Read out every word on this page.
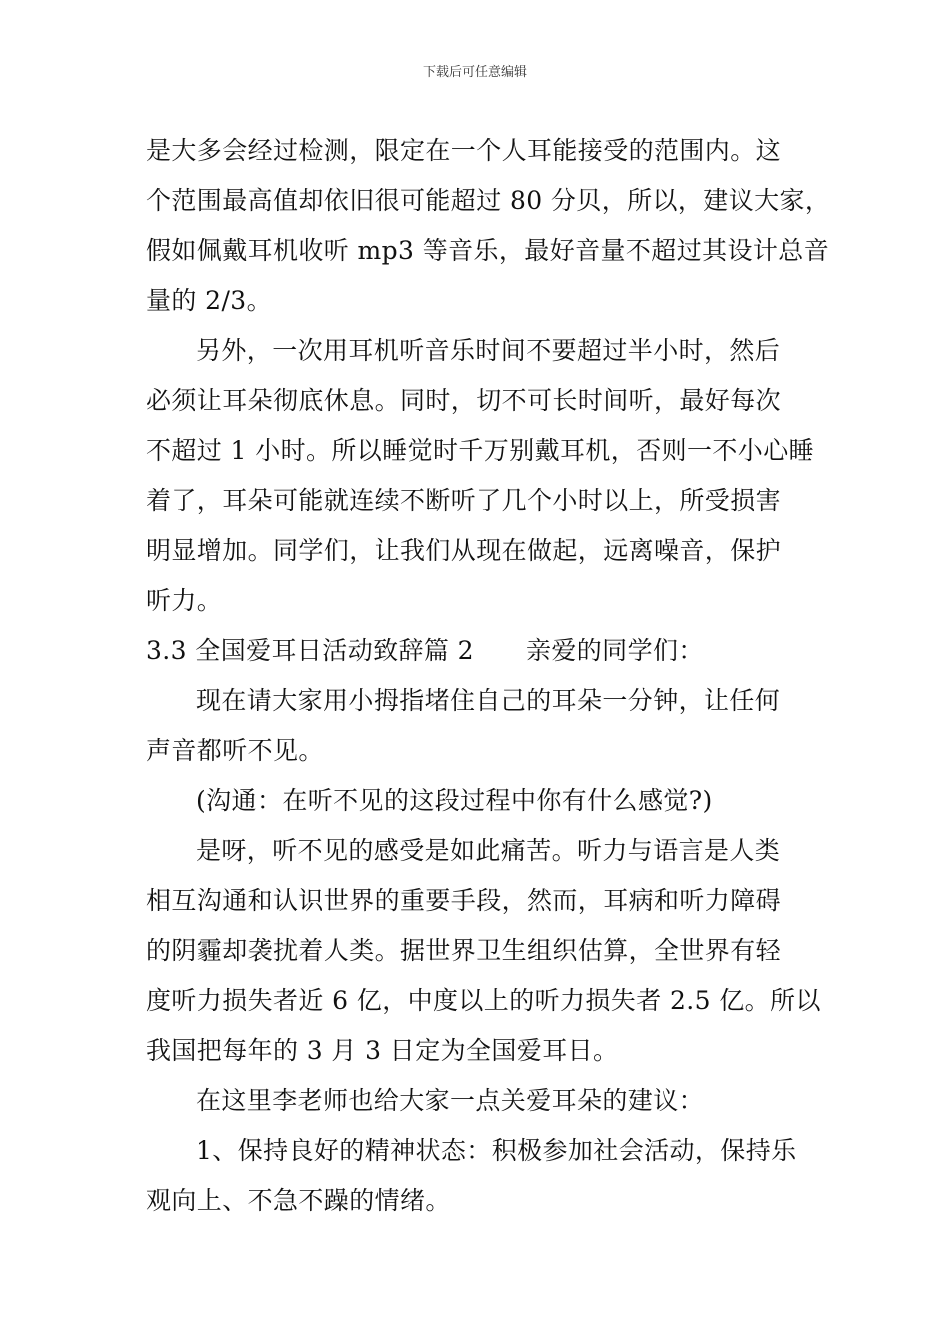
下载后可任意编辑
是大多会经过检测，限定在一个人耳能接受的范围内。这
个范围最高值却依旧很可能超过 80 分贝，所以，建议大家，
假如佩戴耳机收听 mp3 等音乐，最好音量不超过其设计总音
量的 2/3。
另外，一次用耳机听音乐时间不要超过半小时，然后
必须让耳朵彻底休息。同时，切不可长时间听，最好每次
不超过 1 小时。所以睡觉时千万别戴耳机，否则一不小心睡
着了，耳朵可能就连续不断听了几个小时以上，所受损害
明显增加。同学们，让我们从现在做起，远离噪音，保护
听力。
3.3 全国爱耳日活动致辞篇 2 亲爱的同学们：
现在请大家用小拇指堵住自己的耳朵一分钟，让任何
声音都听不见。
(沟通：在听不见的这段过程中你有什么感觉?)
是呀，听不见的感受是如此痛苦。听力与语言是人类
相互沟通和认识世界的重要手段，然而，耳病和听力障碍
的阴霾却袭扰着人类。据世界卫生组织估算，全世界有轻
度听力损失者近 6 亿，中度以上的听力损失者 2.5 亿。所以
我国把每年的 3 月 3 日定为全国爱耳日。
在这里李老师也给大家一点关爱耳朵的建议：
1、保持良好的精神状态：积极参加社会活动，保持乐
观向上、不急不躁的情绪。
